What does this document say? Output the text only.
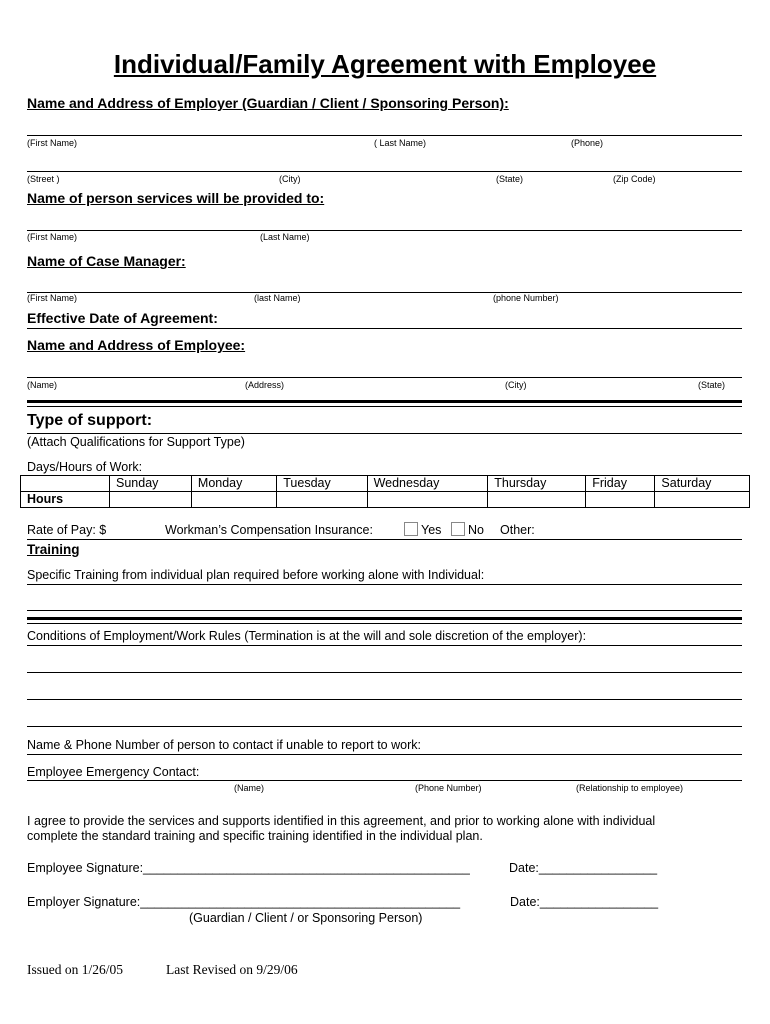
Individual/Family Agreement with Employee
Name and Address of Employer (Guardian / Client / Sponsoring Person):
(First Name)	( Last Name)	(Phone)
(Street )	(City)	(State)	(Zip Code)
Name of person services will be provided to:
(First Name)	(Last Name)
Name of Case Manager:
(First Name)	(last Name)	(phone Number)
Effective Date of Agreement:
Name and Address of Employee:
(Name)	(Address)	(City)	(State)
Type of support:
(Attach Qualifications for Support Type)
Days/Hours of Work:
	Sunday	Monday	Tuesday	Wednesday	Thursday	Friday	Saturday
Hours							
Rate of Pay: $	Workman’s Compensation Insurance:	Yes	No Other:
Training
Specific Training from individual plan required before working alone with Individual:
Conditions of Employment/Work Rules (Termination is at the will and sole discretion of the employer):
Name & Phone Number of person to contact if unable to report to work:
Employee Emergency Contact:
(Name)	(Phone Number)	(Relationship to employee)
I agree to provide the services and supports identified in this agreement, and prior to working alone with individual
complete the standard training and specific training identified in the individual plan.
Employee Signature:_______________________________________________	Date:_________________
Employer Signature:______________________________________________	Date:_________________
(Guardian / Client / or Sponsoring Person)
Issued on 1/26/05	Last Revised on 9/29/06
